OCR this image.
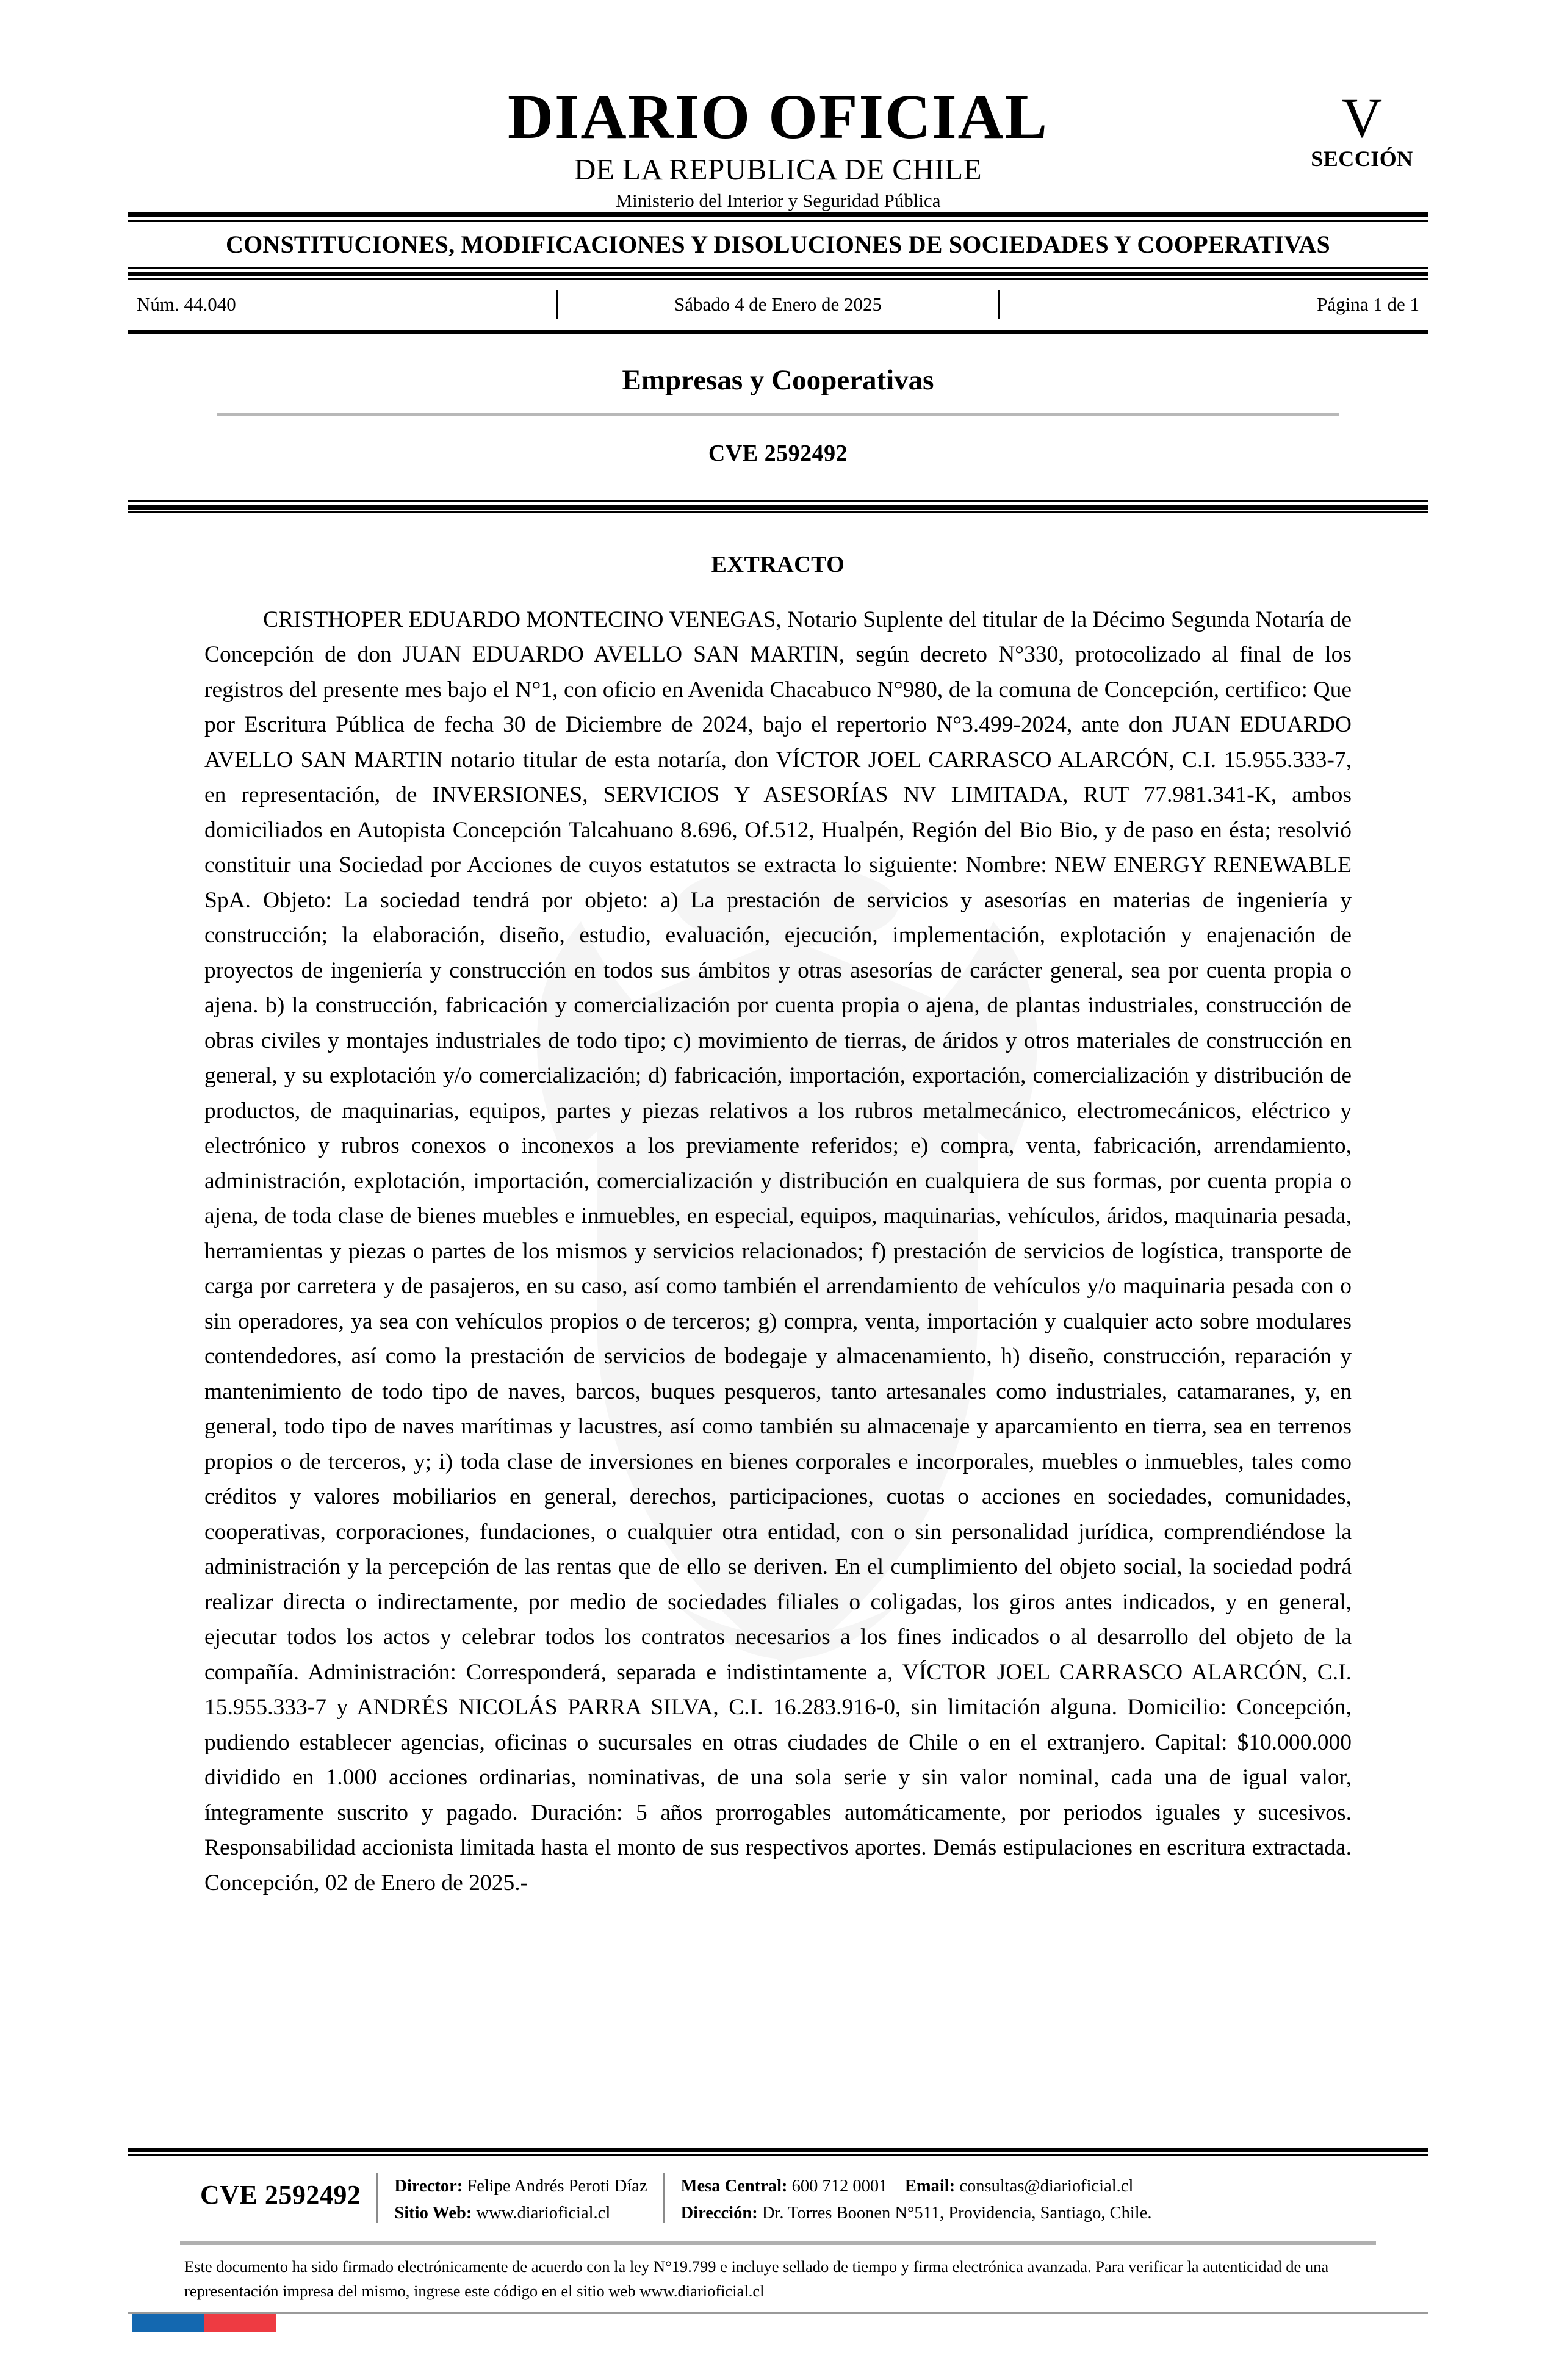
DIARIO OFICIAL
DE LA REPUBLICA DE CHILE
Ministerio del Interior y Seguridad Pública
V
SECCIÓN
CONSTITUCIONES, MODIFICACIONES Y DISOLUCIONES DE SOCIEDADES Y COOPERATIVAS
Núm. 44.040	Sábado 4 de Enero de 2025	Página 1 de 1
Empresas y Cooperativas
CVE 2592492
EXTRACTO

CRISTHOPER EDUARDO MONTECINO VENEGAS, Notario Suplente del titular de la Décimo Segunda Notaría de Concepción de don JUAN EDUARDO AVELLO SAN MARTIN, según decreto N°330, protocolizado al final de los registros del presente mes bajo el N°1, con oficio en Avenida Chacabuco N°980, de la comuna de Concepción, certifico: Que por Escritura Pública de fecha 30 de Diciembre de 2024, bajo el repertorio N°3.499-2024, ante don JUAN EDUARDO AVELLO SAN MARTIN notario titular de esta notaría, don VÍCTOR JOEL CARRASCO ALARCÓN, C.I. 15.955.333-7, en representación, de INVERSIONES, SERVICIOS Y ASESORÍAS NV LIMITADA, RUT 77.981.341-K, ambos domiciliados en Autopista Concepción Talcahuano 8.696, Of.512, Hualpén, Región del Bio Bio, y de paso en ésta; resolvió constituir una Sociedad por Acciones de cuyos estatutos se extracta lo siguiente: Nombre: NEW ENERGY RENEWABLE SpA. Objeto: La sociedad tendrá por objeto: a) La prestación de servicios y asesorías en materias de ingeniería y construcción; la elaboración, diseño, estudio, evaluación, ejecución, implementación, explotación y enajenación de proyectos de ingeniería y construcción en todos sus ámbitos y otras asesorías de carácter general, sea por cuenta propia o ajena. b) la construcción, fabricación y comercialización por cuenta propia o ajena, de plantas industriales, construcción de obras civiles y montajes industriales de todo tipo; c) movimiento de tierras, de áridos y otros materiales de construcción en general, y su explotación y/o comercialización; d) fabricación, importación, exportación, comercialización y distribución de productos, de maquinarias, equipos, partes y piezas relativos a los rubros metalmecánico, electromecánicos, eléctrico y electrónico y rubros conexos o inconexos a los previamente referidos; e) compra, venta, fabricación, arrendamiento, administración, explotación, importación, comercialización y distribución en cualquiera de sus formas, por cuenta propia o ajena, de toda clase de bienes muebles e inmuebles, en especial, equipos, maquinarias, vehículos, áridos, maquinaria pesada, herramientas y piezas o partes de los mismos y servicios relacionados; f) prestación de servicios de logística, transporte de carga por carretera y de pasajeros, en su caso, así como también el arrendamiento de vehículos y/o maquinaria pesada con o sin operadores, ya sea con vehículos propios o de terceros; g) compra, venta, importación y cualquier acto sobre modulares contendedores, así como la prestación de servicios de bodegaje y almacenamiento, h) diseño, construcción, reparación y mantenimiento de todo tipo de naves, barcos, buques pesqueros, tanto artesanales como industriales, catamaranes, y, en general, todo tipo de naves marítimas y lacustres, así como también su almacenaje y aparcamiento en tierra, sea en terrenos propios o de terceros, y; i) toda clase de inversiones en bienes corporales e incorporales, muebles o inmuebles, tales como créditos y valores mobiliarios en general, derechos, participaciones, cuotas o acciones en sociedades, comunidades, cooperativas, corporaciones, fundaciones, o cualquier otra entidad, con o sin personalidad jurídica, comprendiéndose la administración y la percepción de las rentas que de ello se deriven. En el cumplimiento del objeto social, la sociedad podrá realizar directa o indirectamente, por medio de sociedades filiales o coligadas, los giros antes indicados, y en general, ejecutar todos los actos y celebrar todos los contratos necesarios a los fines indicados o al desarrollo del objeto de la compañía. Administración: Corresponderá, separada e indistintamente a, VÍCTOR JOEL CARRASCO ALARCÓN, C.I. 15.955.333-7 y ANDRÉS NICOLÁS PARRA SILVA, C.I. 16.283.916-0, sin limitación alguna. Domicilio: Concepción, pudiendo establecer agencias, oficinas o sucursales en otras ciudades de Chile o en el extranjero. Capital: $10.000.000 dividido en 1.000 acciones ordinarias, nominativas, de una sola serie y sin valor nominal, cada una de igual valor, íntegramente suscrito y pagado. Duración: 5 años prorrogables automáticamente, por periodos iguales y sucesivos. Responsabilidad accionista limitada hasta el monto de sus respectivos aportes. Demás estipulaciones en escritura extractada. Concepción, 02 de Enero de 2025.-

CVE 2592492	Director: Felipe Andrés Peroti Díaz
Sitio Web: www.diarioficial.cl
Mesa Central: 600 712 0001 Email: consultas@diarioficial.cl
Dirección: Dr. Torres Boonen N°511, Providencia, Santiago, Chile.
Este documento ha sido firmado electrónicamente de acuerdo con la ley N°19.799 e incluye sellado de tiempo y firma electrónica avanzada. Para verificar la autenticidad de una representación impresa del mismo, ingrese este código en el sitio web www.diarioficial.cl
